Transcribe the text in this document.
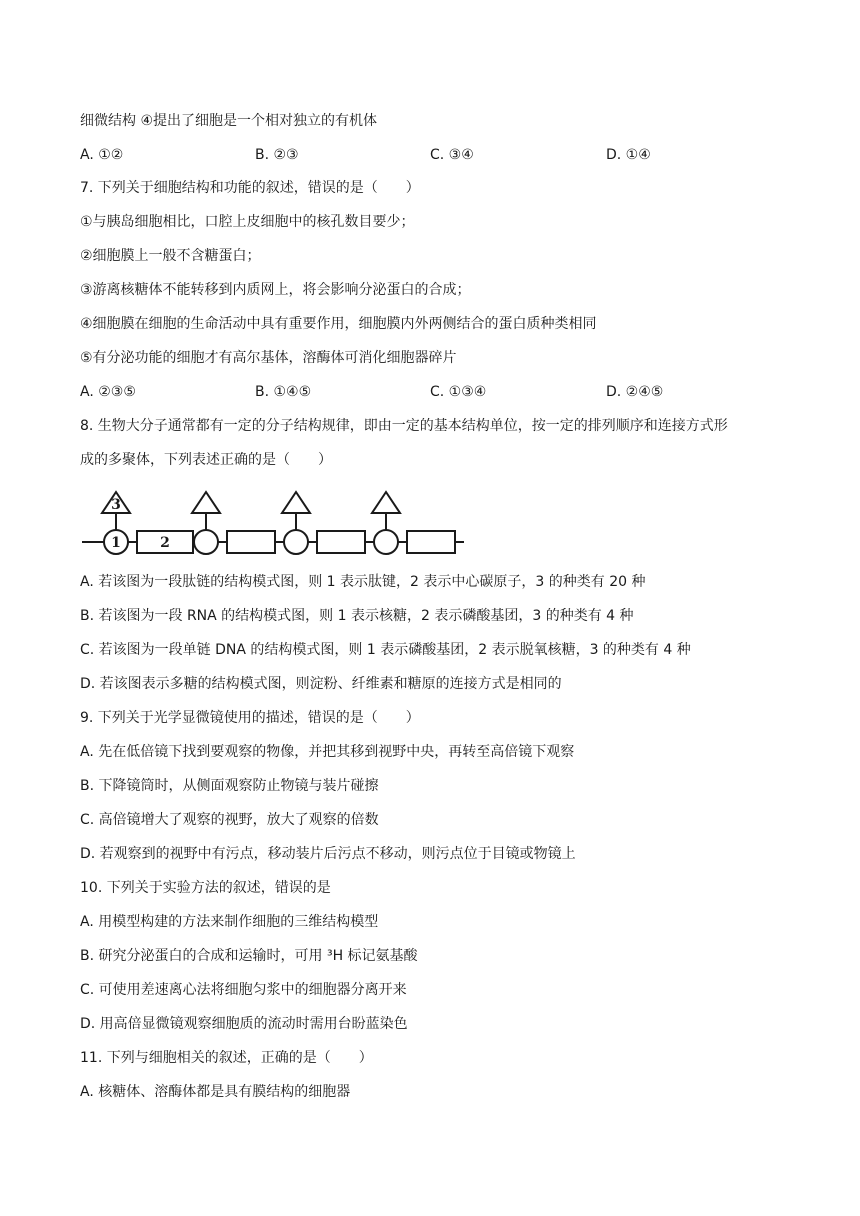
细微结构 ④提出了细胞是一个相对独立的有机体
A. ①②	B. ②③	C. ③④	D. ①④
7. 下列关于细胞结构和功能的叙述，错误的是（　　）
①与胰岛细胞相比，口腔上皮细胞中的核孔数目要少；
②细胞膜上一般不含糖蛋白；
③游离核糖体不能转移到内质网上，将会影响分泌蛋白的合成；
④细胞膜在细胞的生命活动中具有重要作用，细胞膜内外两侧结合的蛋白质种类相同
⑤有分泌功能的细胞才有高尔基体，溶酶体可消化细胞器碎片
A. ②③⑤	B. ①④⑤	C. ①③④	D. ②④⑤
8. 生物大分子通常都有一定的分子结构规律，即由一定的基本结构单位，按一定的排列顺序和连接方式形
成的多聚体，下列表述正确的是（　　）
3
1	2
A. 若该图为一段肽链的结构模式图，则 1 表示肽键，2 表示中心碳原子，3 的种类有 20 种
B. 若该图为一段 RNA 的结构模式图，则 1 表示核糖，2 表示磷酸基团，3 的种类有 4 种
C. 若该图为一段单链 DNA 的结构模式图，则 1 表示磷酸基团，2 表示脱氧核糖，3 的种类有 4 种
D. 若该图表示多糖的结构模式图，则淀粉、纤维素和糖原的连接方式是相同的
9. 下列关于光学显微镜使用的描述，错误的是（　　）
A. 先在低倍镜下找到要观察的物像，并把其移到视野中央，再转至高倍镜下观察
B. 下降镜筒时，从侧面观察防止物镜与装片碰擦
C. 高倍镜增大了观察的视野，放大了观察的倍数
D. 若观察到的视野中有污点，移动装片后污点不移动，则污点位于目镜或物镜上
10. 下列关于实验方法的叙述，错误的是
A. 用模型构建的方法来制作细胞的三维结构模型
B. 研究分泌蛋白的合成和运输时，可用 ³H 标记氨基酸
C. 可使用差速离心法将细胞匀浆中的细胞器分离开来
D. 用高倍显微镜观察细胞质的流动时需用台盼蓝染色
11. 下列与细胞相关的叙述，正确的是（　　）
A. 核糖体、溶酶体都是具有膜结构的细胞器
